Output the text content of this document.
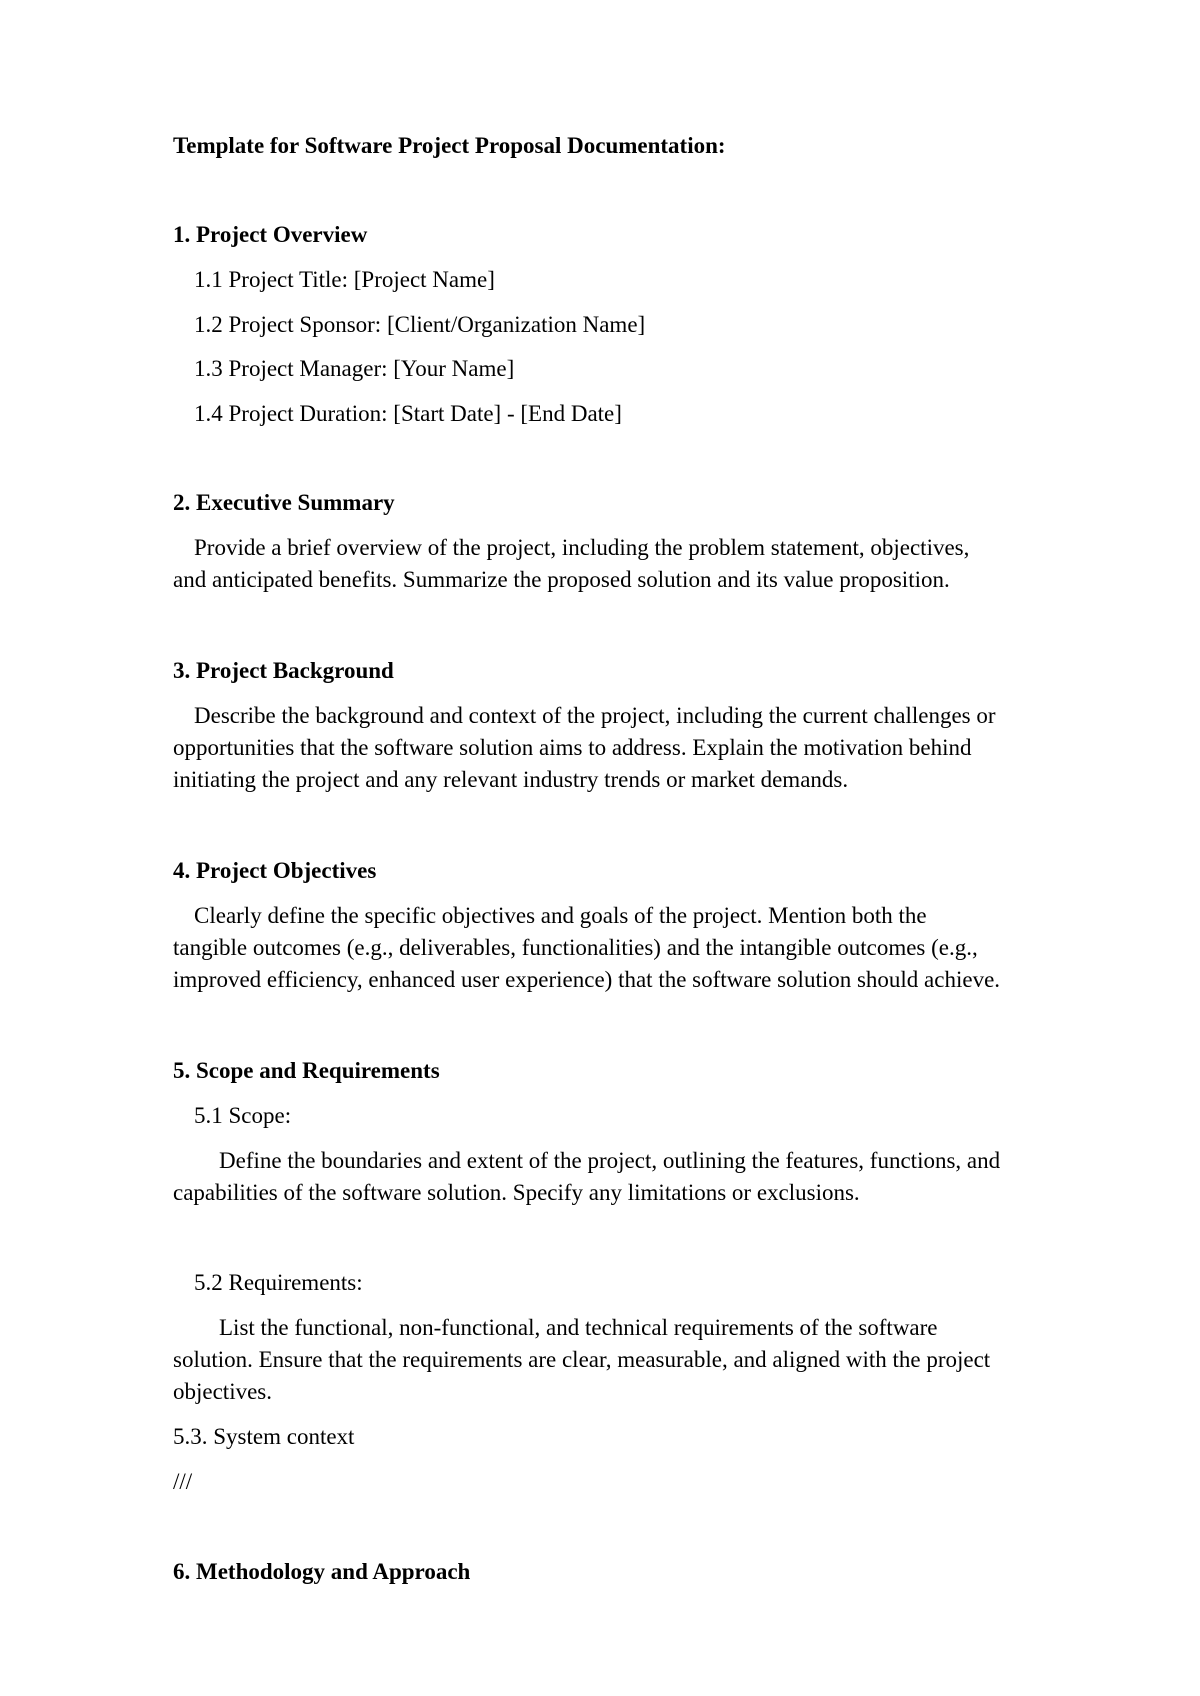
Template for Software Project Proposal Documentation:
1. Project Overview
1.1 Project Title: [Project Name]
1.2 Project Sponsor: [Client/Organization Name]
1.3 Project Manager: [Your Name]
1.4 Project Duration: [Start Date] - [End Date]
2. Executive Summary
Provide a brief overview of the project, including the problem statement, objectives,
and anticipated benefits. Summarize the proposed solution and its value proposition.
3. Project Background
Describe the background and context of the project, including the current challenges or
opportunities that the software solution aims to address. Explain the motivation behind
initiating the project and any relevant industry trends or market demands.
4. Project Objectives
Clearly define the specific objectives and goals of the project. Mention both the
tangible outcomes (e.g., deliverables, functionalities) and the intangible outcomes (e.g.,
improved efficiency, enhanced user experience) that the software solution should achieve.
5. Scope and Requirements
5.1 Scope:
Define the boundaries and extent of the project, outlining the features, functions, and
capabilities of the software solution. Specify any limitations or exclusions.
5.2 Requirements:
List the functional, non-functional, and technical requirements of the software
solution. Ensure that the requirements are clear, measurable, and aligned with the project
objectives.
5.3. System context
///
6. Methodology and Approach
